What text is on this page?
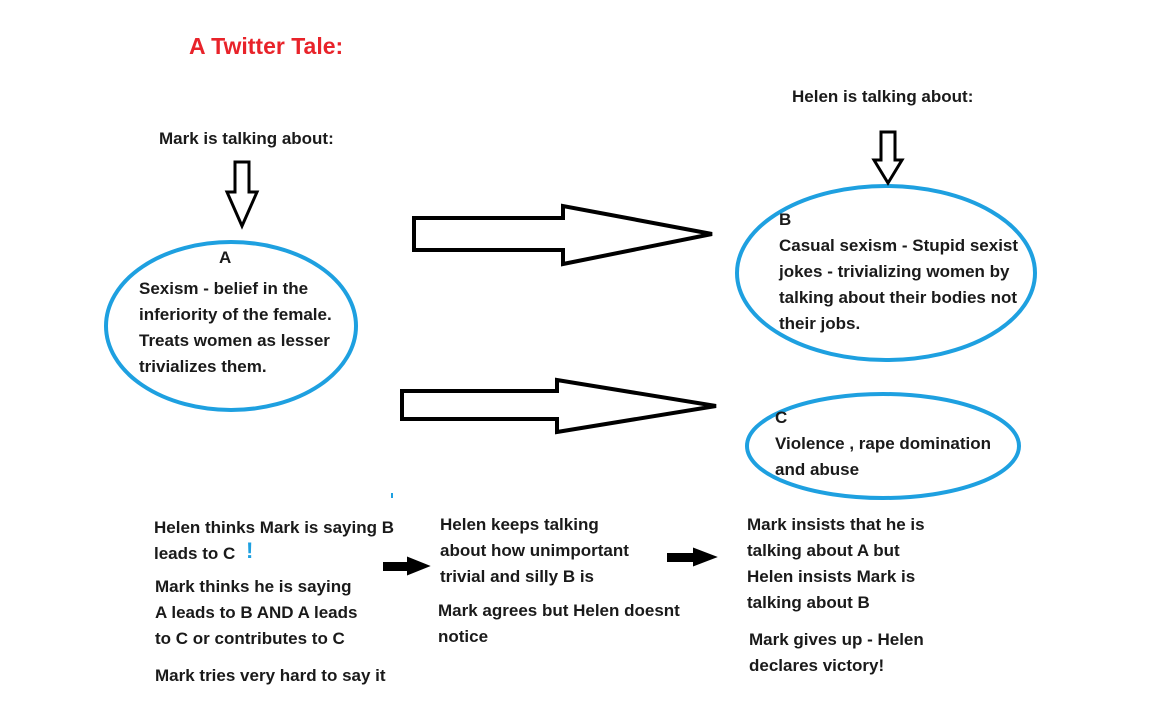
A Twitter Tale:

Mark is talking about:

Helen is talking about:

A

Sexism - belief in the
inferiority of the female.
Treats women as lesser
trivializes them.

B

Casual sexism - Stupid sexist
jokes - trivializing women by
talking about their bodies not
their jobs.

C

Violence , rape domination
and abuse

Helen thinks Mark is saying B
leads to C !

Mark thinks he is saying
A leads to B AND A leads
to C or contributes to C

Mark tries very hard to say it

Helen keeps talking
about how unimportant
trivial and silly B is

Mark agrees but Helen doesnt
notice

Mark insists that he is
talking about A but
Helen insists Mark is
talking about B

Mark gives up - Helen
declares victory!
